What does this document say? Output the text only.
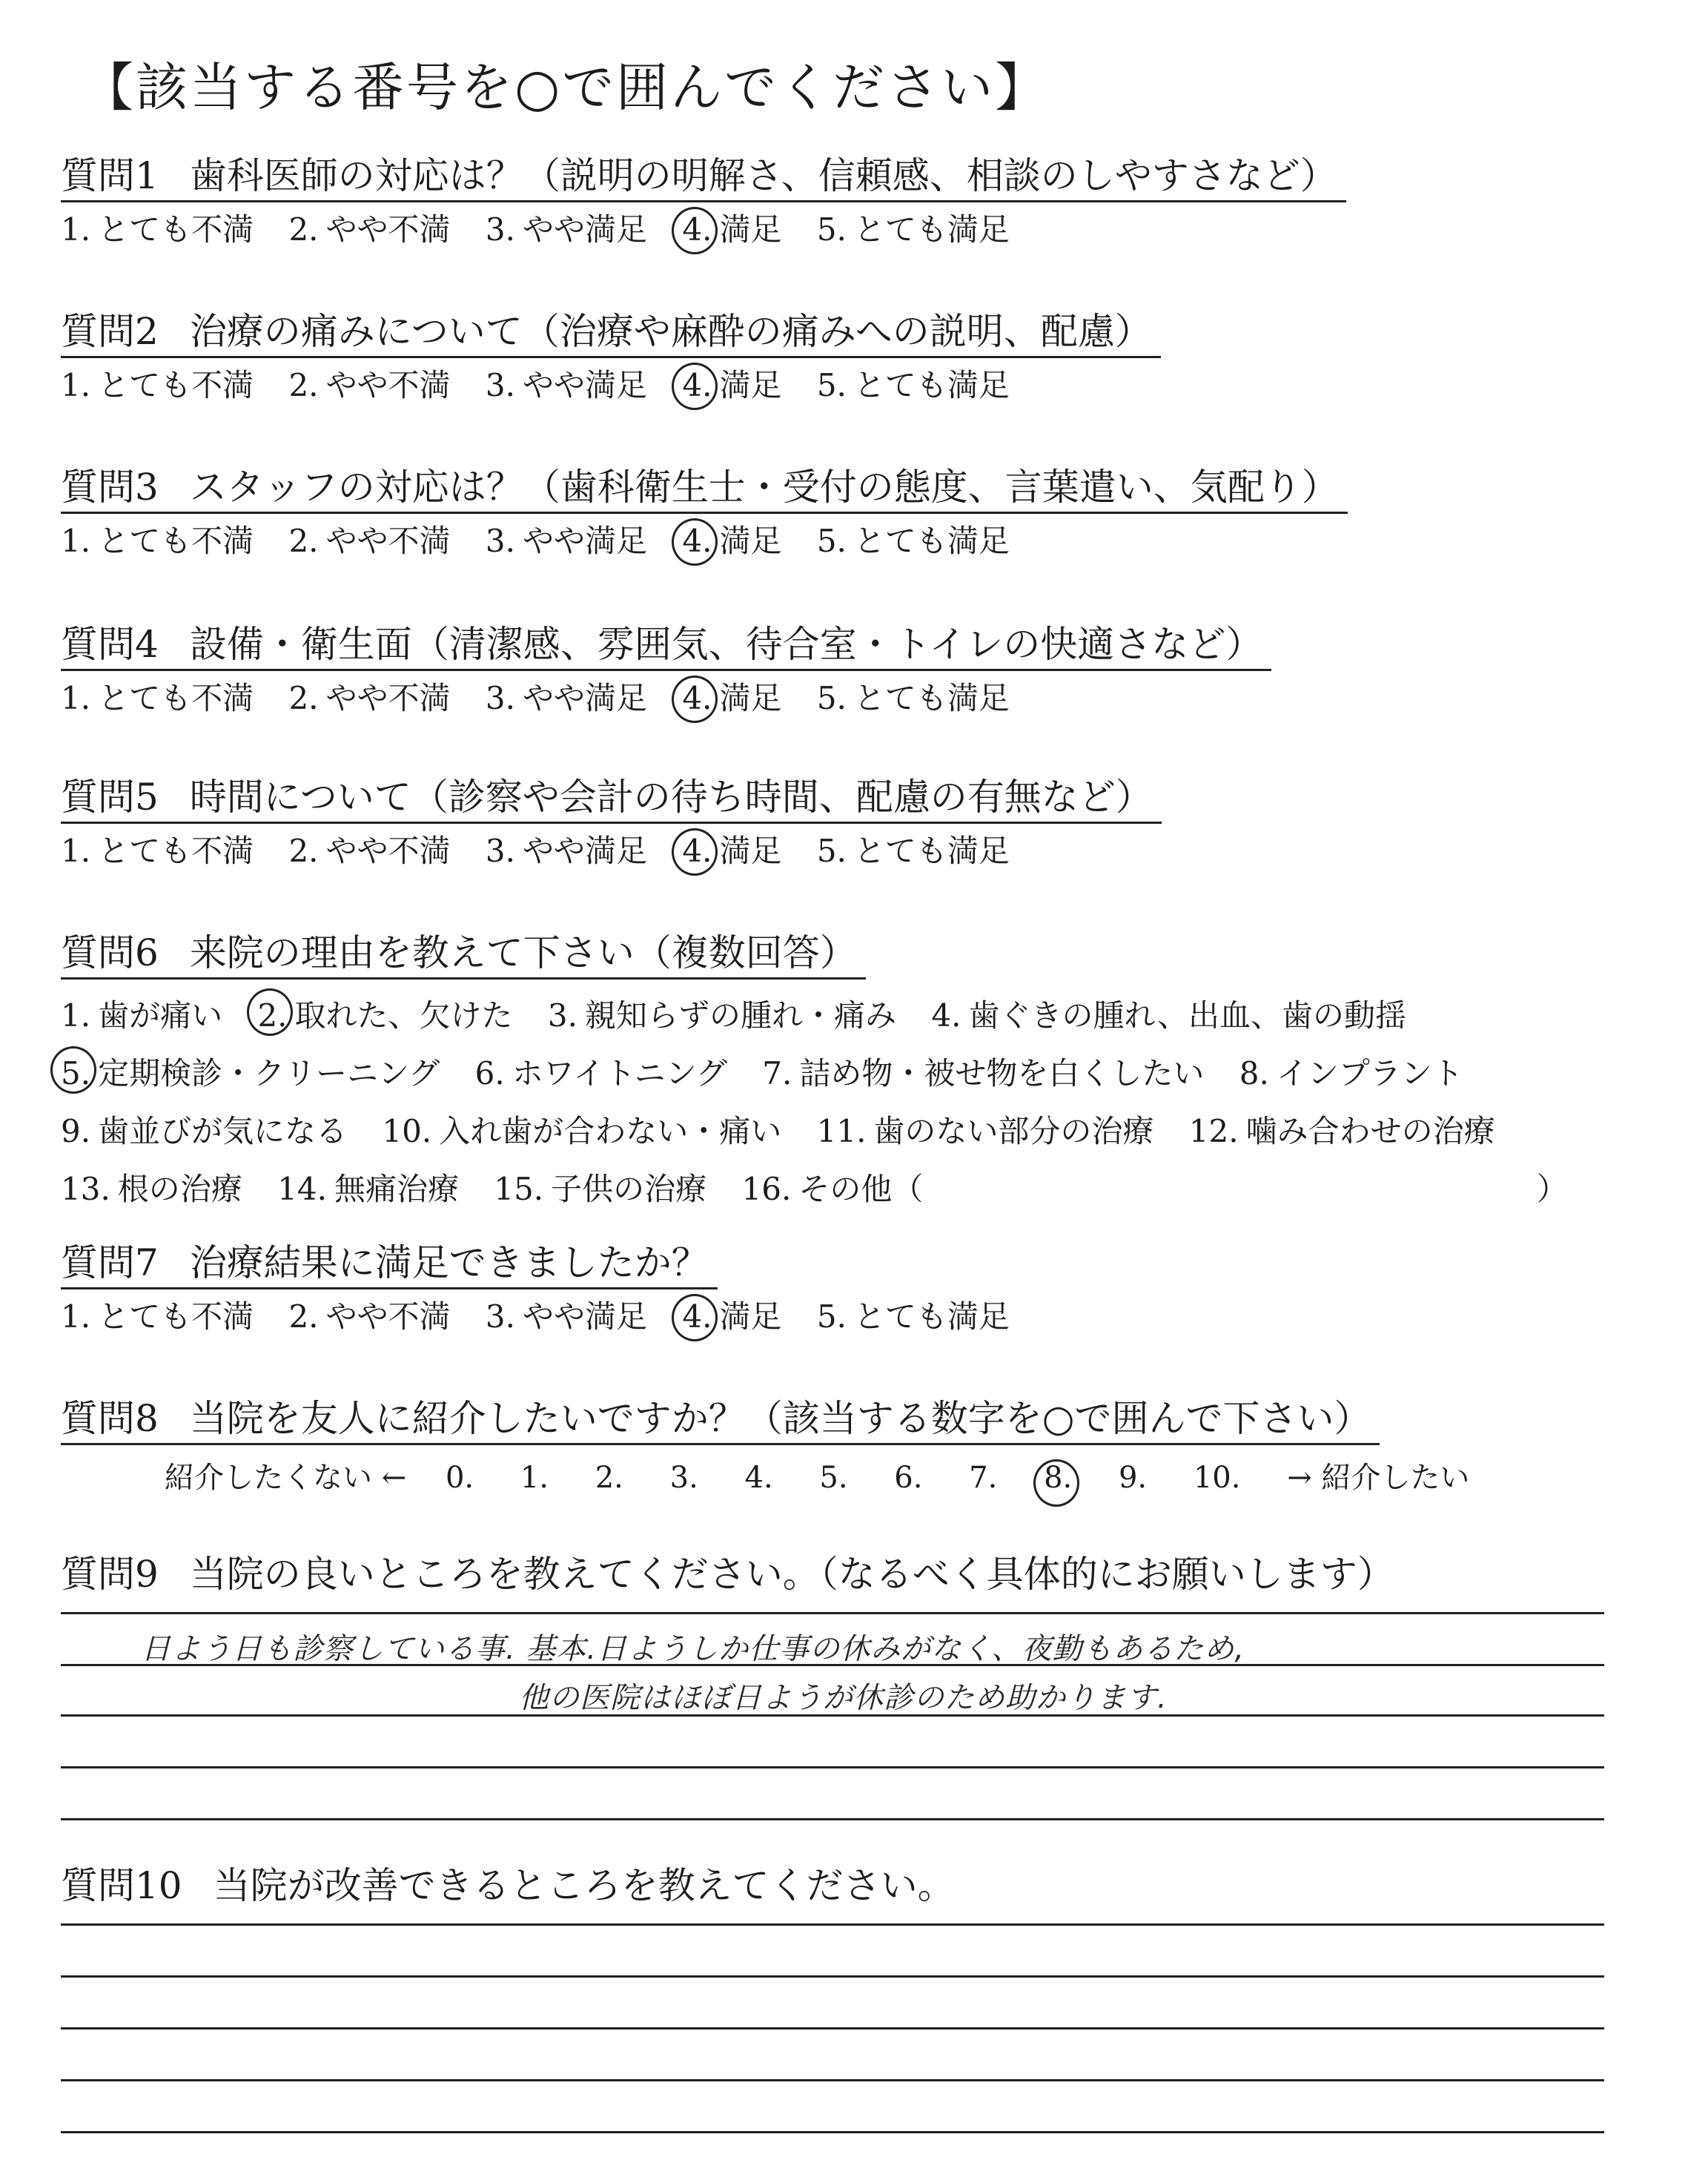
【該当する番号を○で囲んでください】
質問1 歯科医師の対応は？（説明の明解さ、信頼感、相談のしやすさなど）
1. とても不満 2. やや不満 3. やや満足 4. 満足 5. とても満足
質問2 治療の痛みについて（治療や麻酔の痛みへの説明、配慮）
1. とても不満 2. やや不満 3. やや満足 4. 満足 5. とても満足
質問3 スタッフの対応は？（歯科衛生士・受付の態度、言葉遣い、気配り）
1. とても不満 2. やや不満 3. やや満足 4. 満足 5. とても満足
質問4 設備・衛生面（清潔感、雰囲気、待合室・トイレの快適さなど）
1. とても不満 2. やや不満 3. やや満足 4. 満足 5. とても満足
質問5 時間について（診察や会計の待ち時間、配慮の有無など）
1. とても不満 2. やや不満 3. やや満足 4. 満足 5. とても満足
質問6 来院の理由を教えて下さい（複数回答）
1. 歯が痛い 2. 取れた、欠けた 3. 親知らずの腫れ・痛み 4. 歯ぐきの腫れ、出血、歯の動揺
5. 定期検診・クリーニング 6. ホワイトニング 7. 詰め物・被せ物を白くしたい 8. インプラント
9. 歯並びが気になる 10. 入れ歯が合わない・痛い 11. 歯のない部分の治療 12. 噛み合わせの治療
13. 根の治療 14. 無痛治療 15. 子供の治療 16. その他（	）
質問7 治療結果に満足できましたか？
1. とても不満 2. やや不満 3. やや満足 4. 満足 5. とても満足
質問8 当院を友人に紹介したいですか？（該当する数字を○で囲んで下さい）
紹介したくない ← 0. 1. 2. 3. 4. 5. 6. 7. 8. 9. 10. → 紹介したい
質問9 当院の良いところを教えてください。（なるべく具体的にお願いします）
日よう日も診察している事. 基本.日ようしか仕事の休みがなく、夜勤もあるため,
他の医院はほぼ日ようが休診のため助かります.
質問10 当院が改善できるところを教えてください。
